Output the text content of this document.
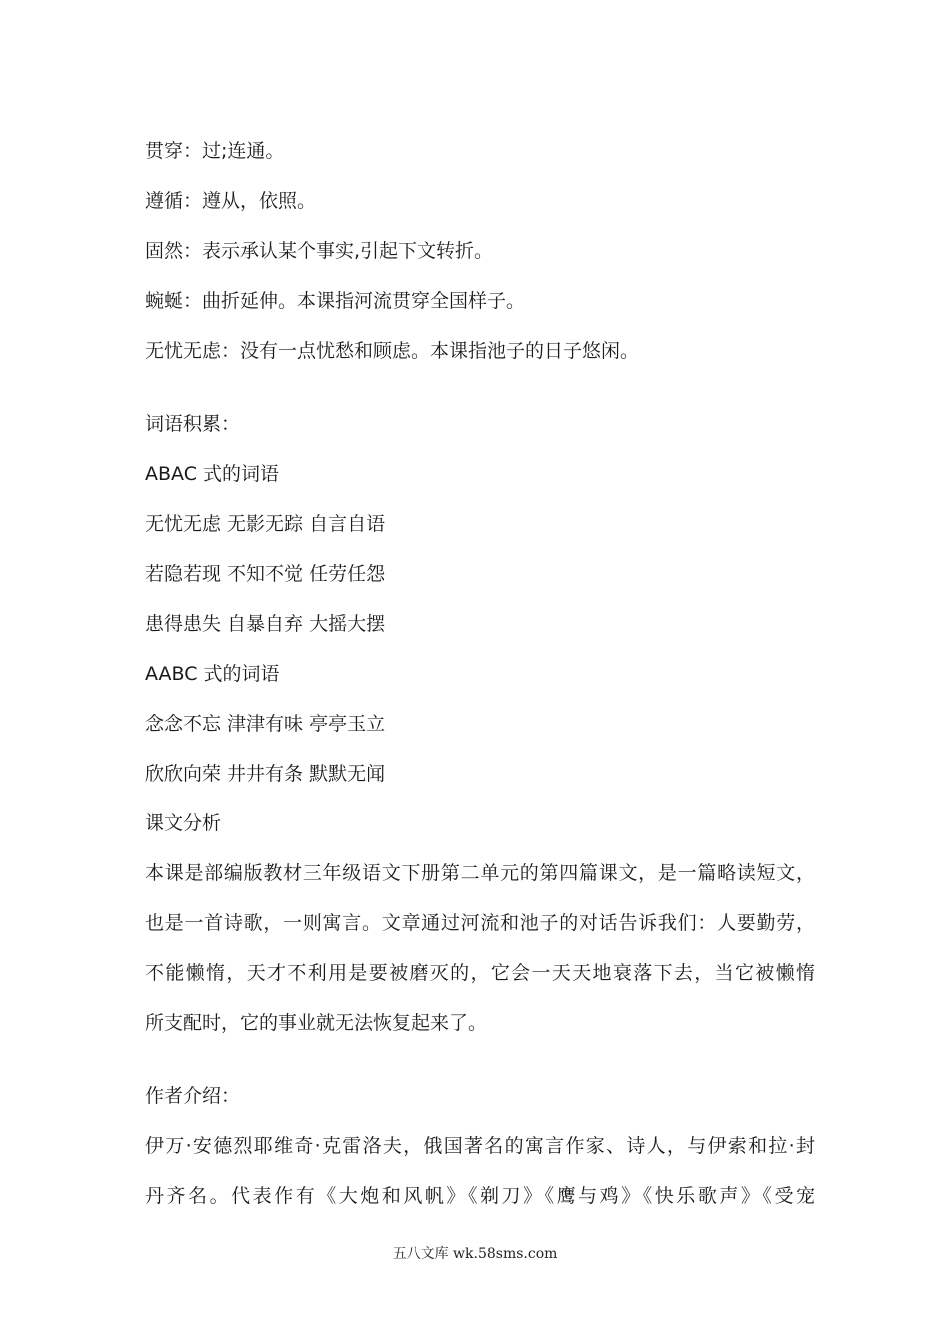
贯穿：过;连通。
遵循：遵从，依照。
固然：表示承认某个事实,引起下文转折。
蜿蜒：曲折延伸。本课指河流贯穿全国样子。
无忧无虑：没有一点忧愁和顾虑。本课指池子的日子悠闲。
词语积累：
ABAC 式的词语
无忧无虑 无影无踪 自言自语
若隐若现 不知不觉 任劳任怨
患得患失 自暴自弃 大摇大摆
AABC 式的词语
念念不忘 津津有味 亭亭玉立
欣欣向荣 井井有条 默默无闻
课文分析
本课是部编版教材三年级语文下册第二单元的第四篇课文，是一篇略读短文，
也是一首诗歌，一则寓言。文章通过河流和池子的对话告诉我们：人要勤劳，
不能懒惰，天才不利用是要被磨灭的，它会一天天地衰落下去，当它被懒惰
所支配时，它的事业就无法恢复起来了。
作者介绍：
伊万·安德烈耶维奇·克雷洛夫，俄国著名的寓言作家、诗人，与伊索和拉·封
丹齐名。代表作有《大炮和风帆》《剃刀》《鹰与鸡》《快乐歌声》《受宠
五八文库 wk.58sms.com
